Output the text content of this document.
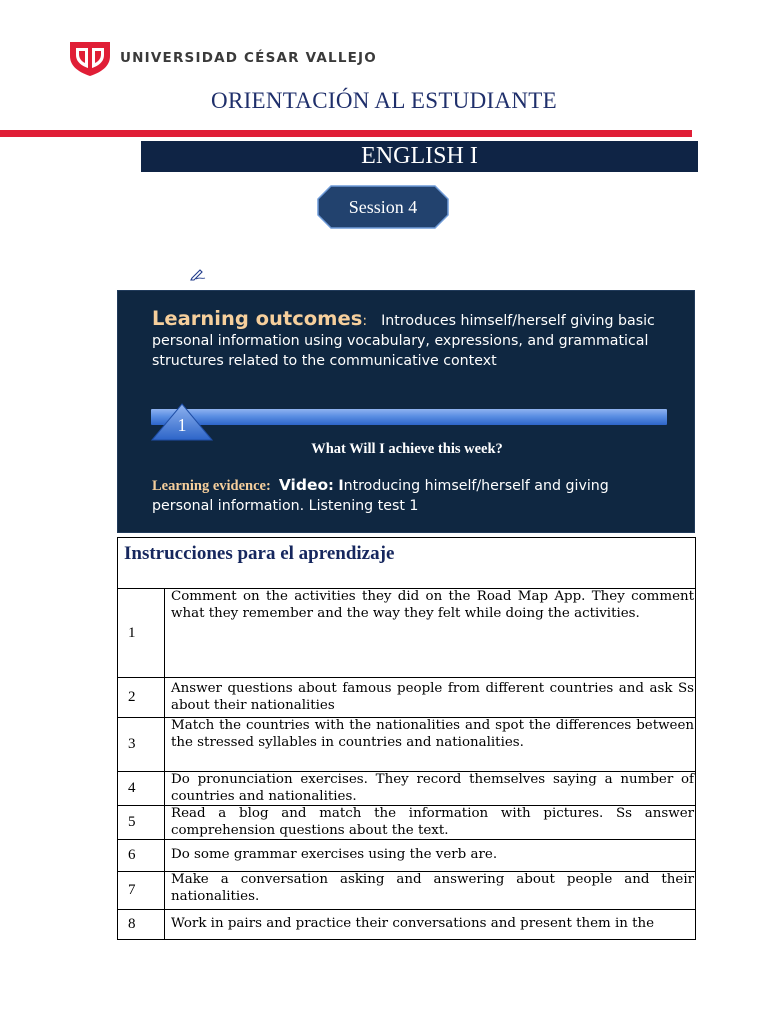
UNIVERSIDAD CÉSAR VALLEJO
ORIENTACIÓN AL ESTUDIANTE
ENGLISH I
Session 4
Learning outcomes: Introduces himself/herself giving basic personal information using vocabulary, expressions, and grammatical structures related to the communicative context
1
What Will I achieve this week?
Learning evidence: Video: Introducing himself/herself and giving personal information. Listening test 1
Instrucciones para el aprendizaje	

1	Comment on the activities they did on the Road Map App. They comment what they remember and the way they felt while doing the activities.
2	Answer questions about famous people from different countries and ask Ss about their nationalities
3	Match the countries with the nationalities and spot the differences between the stressed syllables in countries and nationalities.
4	Do pronunciation exercises. They record themselves saying a number of countries and nationalities.
5	Read a blog and match the information with pictures. Ss answer comprehension questions about the text.
6	Do some grammar exercises using the verb are.
7	Make a conversation asking and answering about people and their nationalities.
8	Work in pairs and practice their conversations and present them in the
